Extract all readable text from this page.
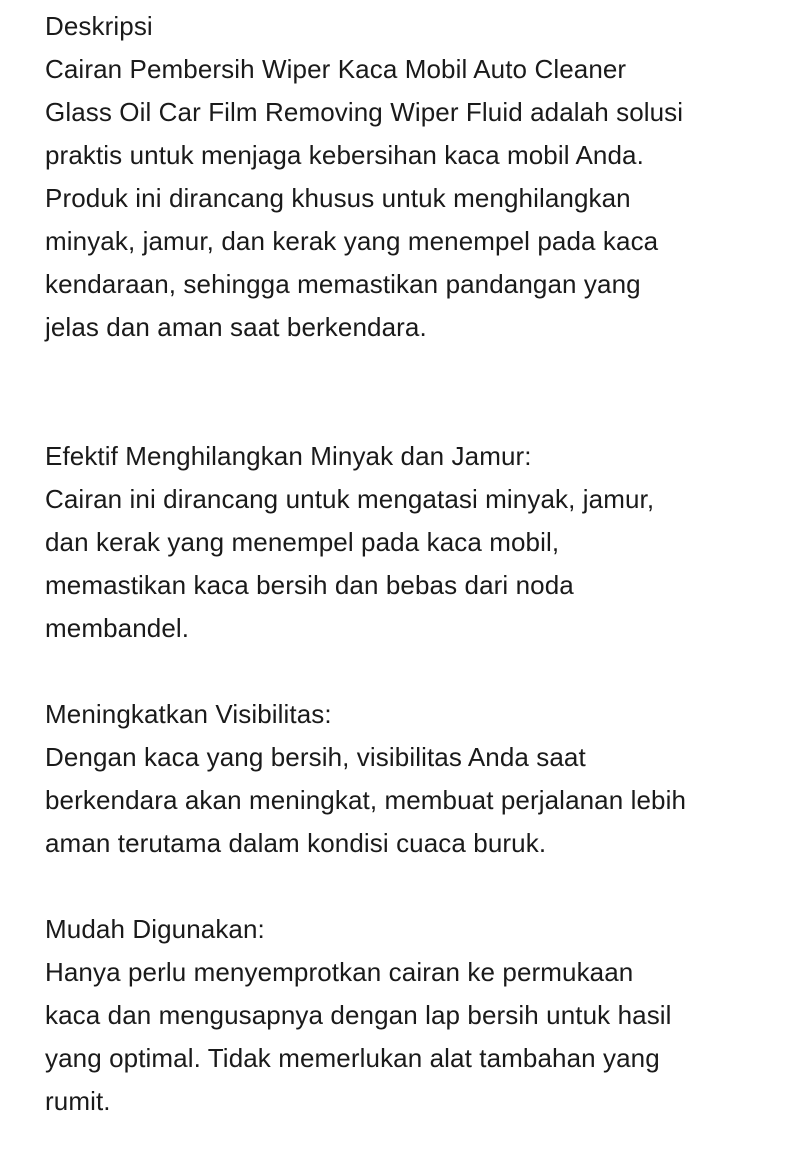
Deskripsi
Cairan Pembersih Wiper Kaca Mobil Auto Cleaner
Glass Oil Car Film Removing Wiper Fluid adalah solusi
praktis untuk menjaga kebersihan kaca mobil Anda.
Produk ini dirancang khusus untuk menghilangkan
minyak, jamur, dan kerak yang menempel pada kaca
kendaraan, sehingga memastikan pandangan yang
jelas dan aman saat berkendara.
Efektif Menghilangkan Minyak dan Jamur:
Cairan ini dirancang untuk mengatasi minyak, jamur,
dan kerak yang menempel pada kaca mobil,
memastikan kaca bersih dan bebas dari noda
membandel.
Meningkatkan Visibilitas:
Dengan kaca yang bersih, visibilitas Anda saat
berkendara akan meningkat, membuat perjalanan lebih
aman terutama dalam kondisi cuaca buruk.
Mudah Digunakan:
Hanya perlu menyemprotkan cairan ke permukaan
kaca dan mengusapnya dengan lap bersih untuk hasil
yang optimal. Tidak memerlukan alat tambahan yang
rumit.
